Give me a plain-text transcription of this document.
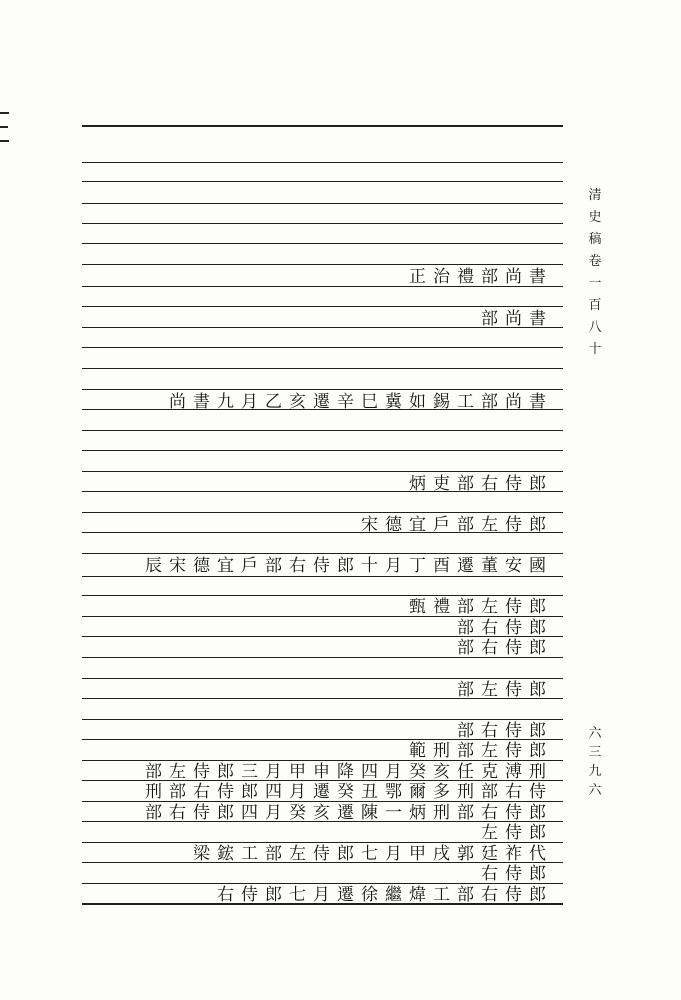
正治禮部尚書
部尚書
尚書九月乙亥遷辛巳冀如錫工部尚書
炳吏部右侍郎
宋德宜戶部左侍郎
辰宋德宜戶部右侍郎十月丁酉遷董安國
甄禮部左侍郎
部右侍郎
部右侍郎
部左侍郎
部右侍郎
範刑部左侍郎
部左侍郎三月甲申降四月癸亥任克溥刑
刑部右侍郎四月遷癸丑鄂爾多刑部右侍
部右侍郎四月癸亥遷陳一炳刑部右侍郎
左侍郎
梁鋐工部左侍郎七月甲戌郭廷祚代
右侍郎
右侍郎七月遷徐繼煒工部右侍郎
清史稿卷一百八十
六三九六
